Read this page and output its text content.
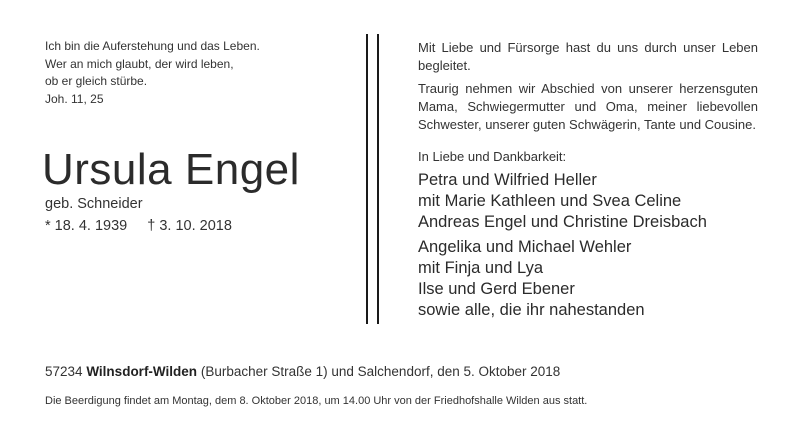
Ich bin die Auferstehung und das Leben.
Wer an mich glaubt, der wird leben,
ob er gleich stürbe.
Joh. 11, 25
Ursula Engel
geb. Schneider
* 18. 4. 1939 † 3. 10. 2018
Mit Liebe und Fürsorge hast du uns durch unser Leben
begleitet.
Traurig nehmen wir Abschied von unserer herzensguten
Mama, Schwiegermutter und Oma, meiner liebevollen
Schwester, unserer guten Schwägerin, Tante und Cousine.
In Liebe und Dankbarkeit:
Petra und Wilfried Heller
mit Marie Kathleen und Svea Celine
Andreas Engel und Christine Dreisbach
Angelika und Michael Wehler
mit Finja und Lya
Ilse und Gerd Ebener
sowie alle, die ihr nahestanden
57234 Wilnsdorf-Wilden (Burbacher Straße 1) und Salchendorf, den 5. Oktober 2018
Die Beerdigung findet am Montag, dem 8. Oktober 2018, um 14.00 Uhr von der Friedhofshalle Wilden aus statt.
